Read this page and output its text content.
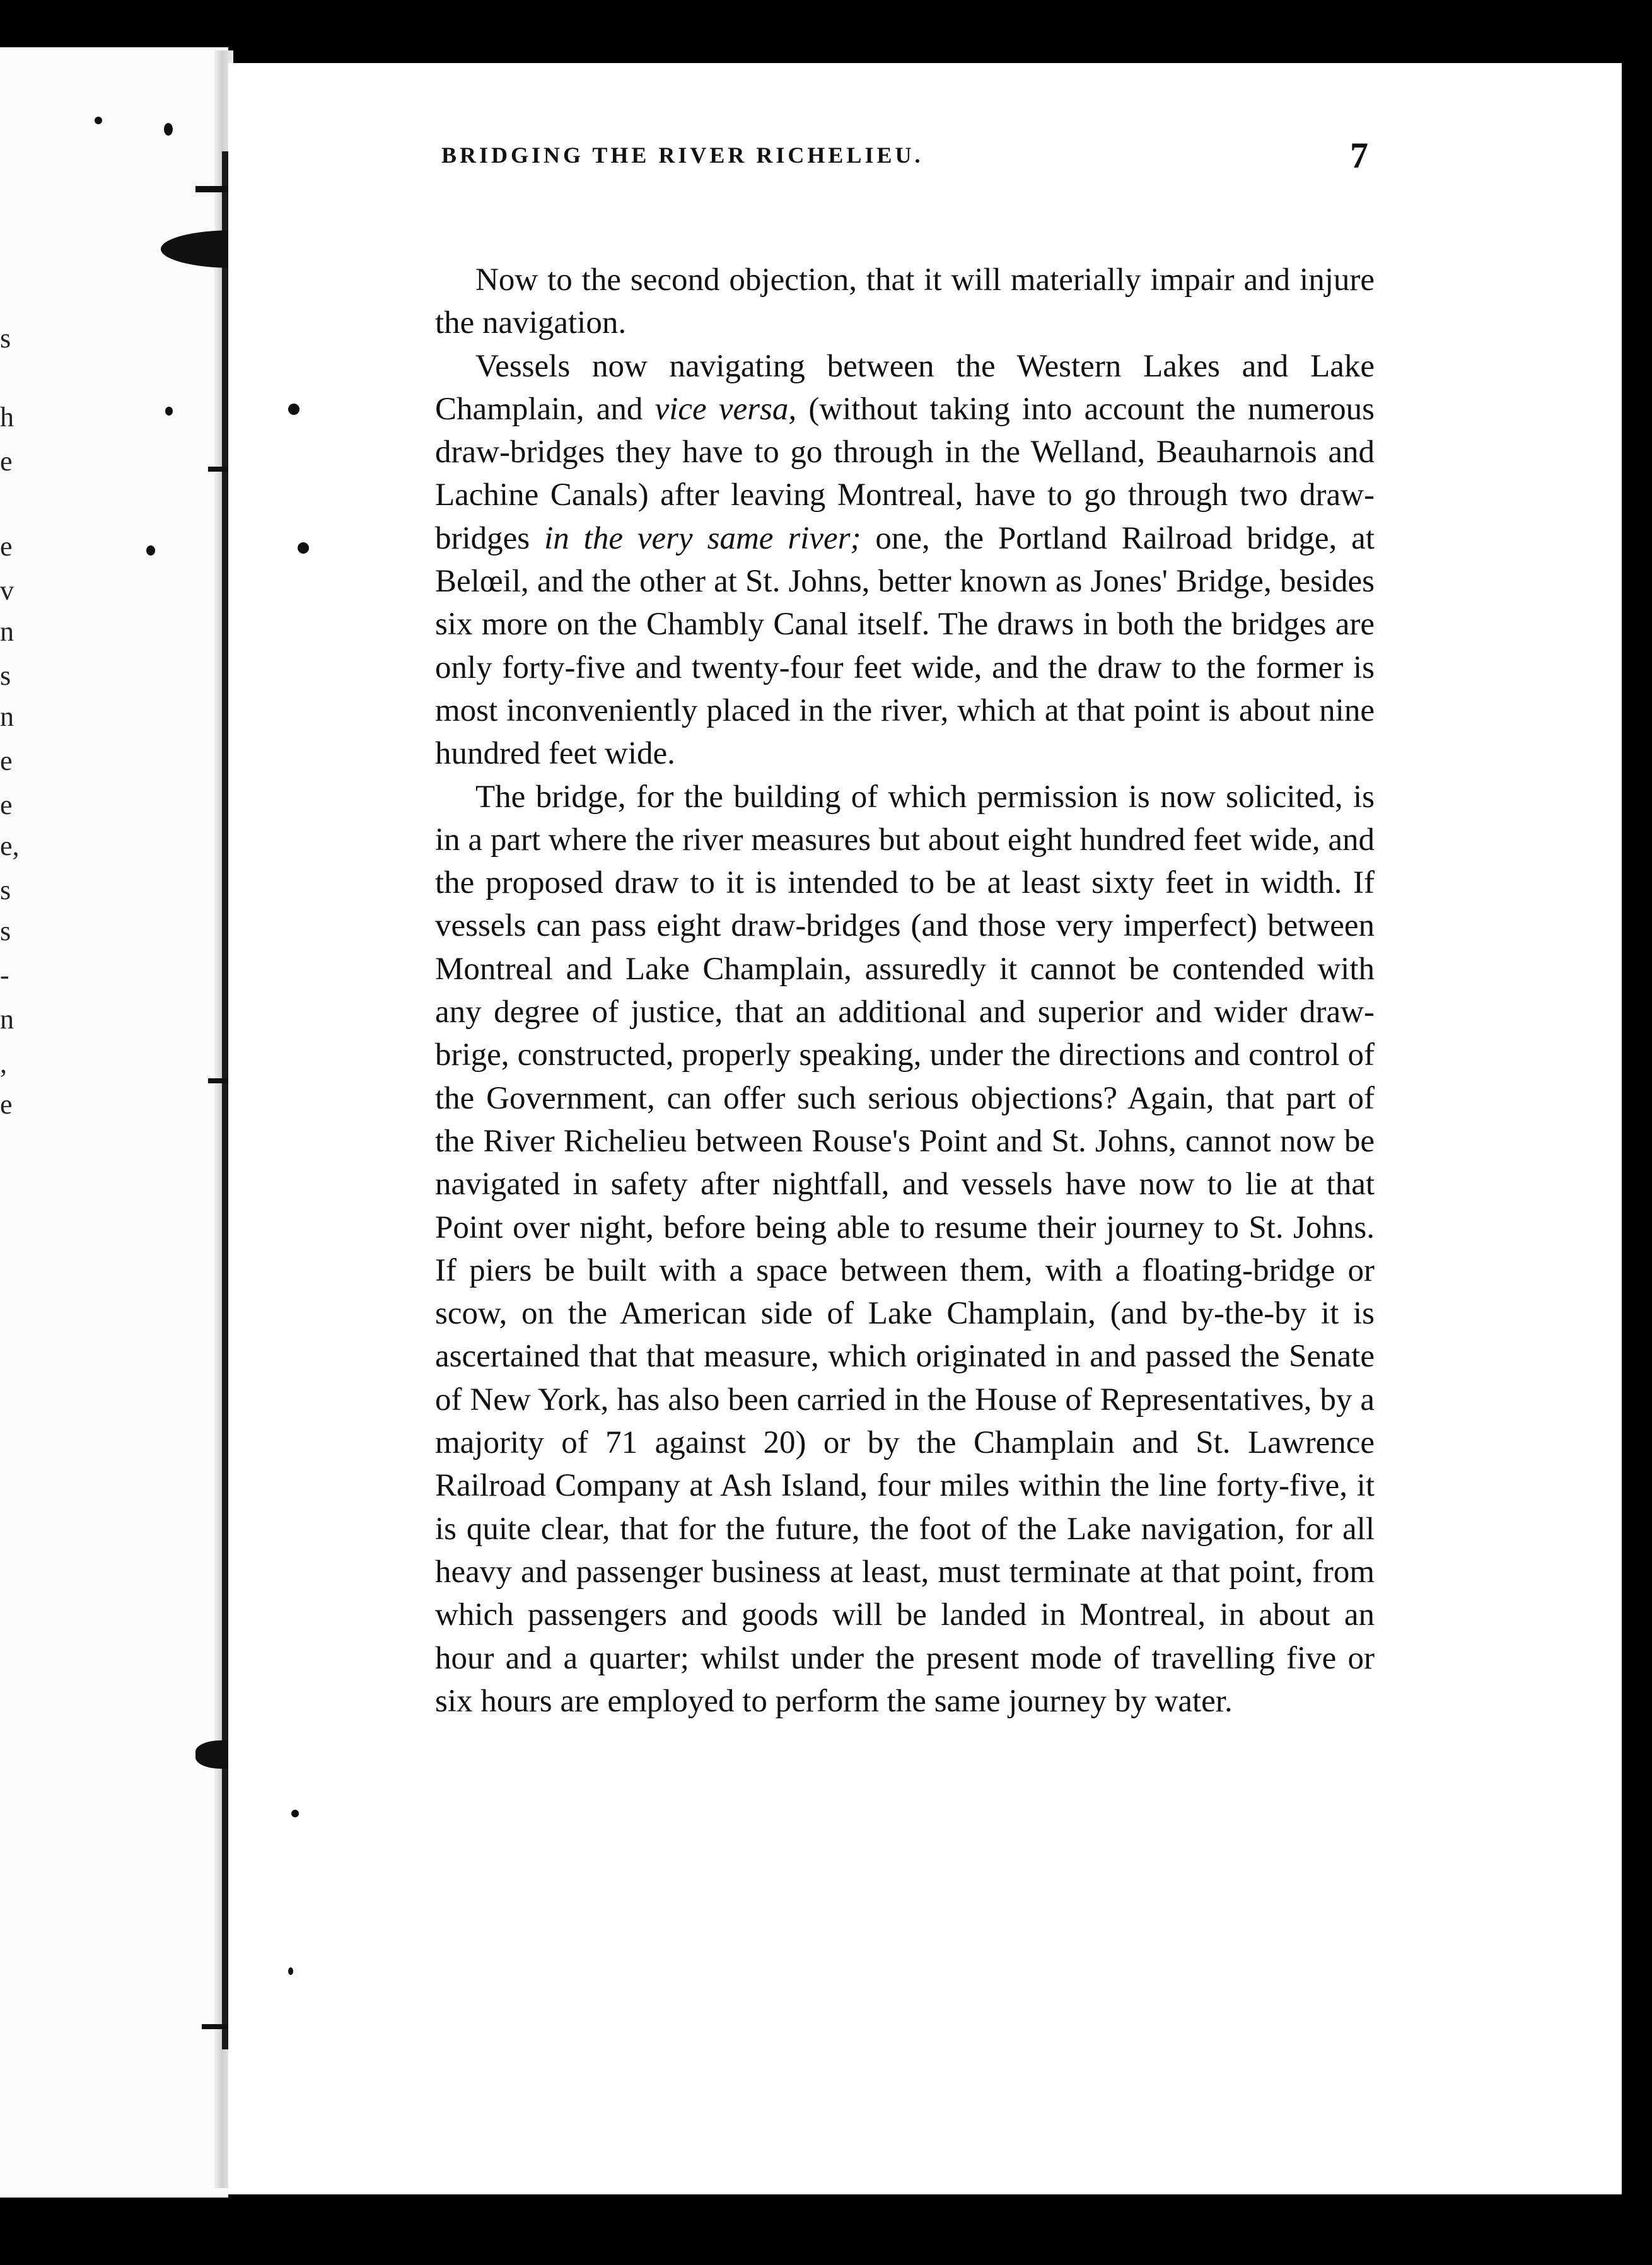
s
h
e
e
v
n
s
n
e
e
e,
s
s
-
n
,
e
BRIDGING THE RIVER RICHELIEU.	7

Now to the second objection, that it will materially impair and injure the navigation.

Vessels now navigating between the Western Lakes and Lake Champlain, and vice versa, (without taking into account the numerous draw-bridges they have to go through in the Welland, Beauharnois and Lachine Canals) after leaving Montreal, have to go through two draw-bridges in the very same river; one, the Portland Railroad bridge, at Belœil, and the other at St. Johns, better known as Jones' Bridge, besides six more on the Chambly Canal itself. The draws in both the bridges are only forty-five and twenty-four feet wide, and the draw to the former is most inconveniently placed in the river, which at that point is about nine hundred feet wide.

The bridge, for the building of which permission is now solicited, is in a part where the river measures but about eight hundred feet wide, and the proposed draw to it is intended to be at least sixty feet in width. If vessels can pass eight draw-bridges (and those very imperfect) between Montreal and Lake Champlain, assuredly it cannot be contended with any degree of justice, that an additional and superior and wider draw-brige, constructed, properly speaking, under the directions and control of the Government, can offer such serious objections? Again, that part of the River Richelieu between Rouse's Point and St. Johns, cannot now be navigated in safety after nightfall, and vessels have now to lie at that Point over night, before being able to resume their journey to St. Johns. If piers be built with a space between them, with a floating-bridge or scow, on the American side of Lake Champlain, (and by-the-by it is ascertained that that measure, which originated in and passed the Senate of New York, has also been carried in the House of Representatives, by a majority of 71 against 20) or by the Champlain and St. Lawrence Railroad Company at Ash Island, four miles within the line forty-five, it is quite clear, that for the future, the foot of the Lake navigation, for all heavy and passenger business at least, must terminate at that point, from which passengers and goods will be landed in Montreal, in about an hour and a quarter; whilst under the present mode of travelling five or six hours are employed to perform the same journey by water.
